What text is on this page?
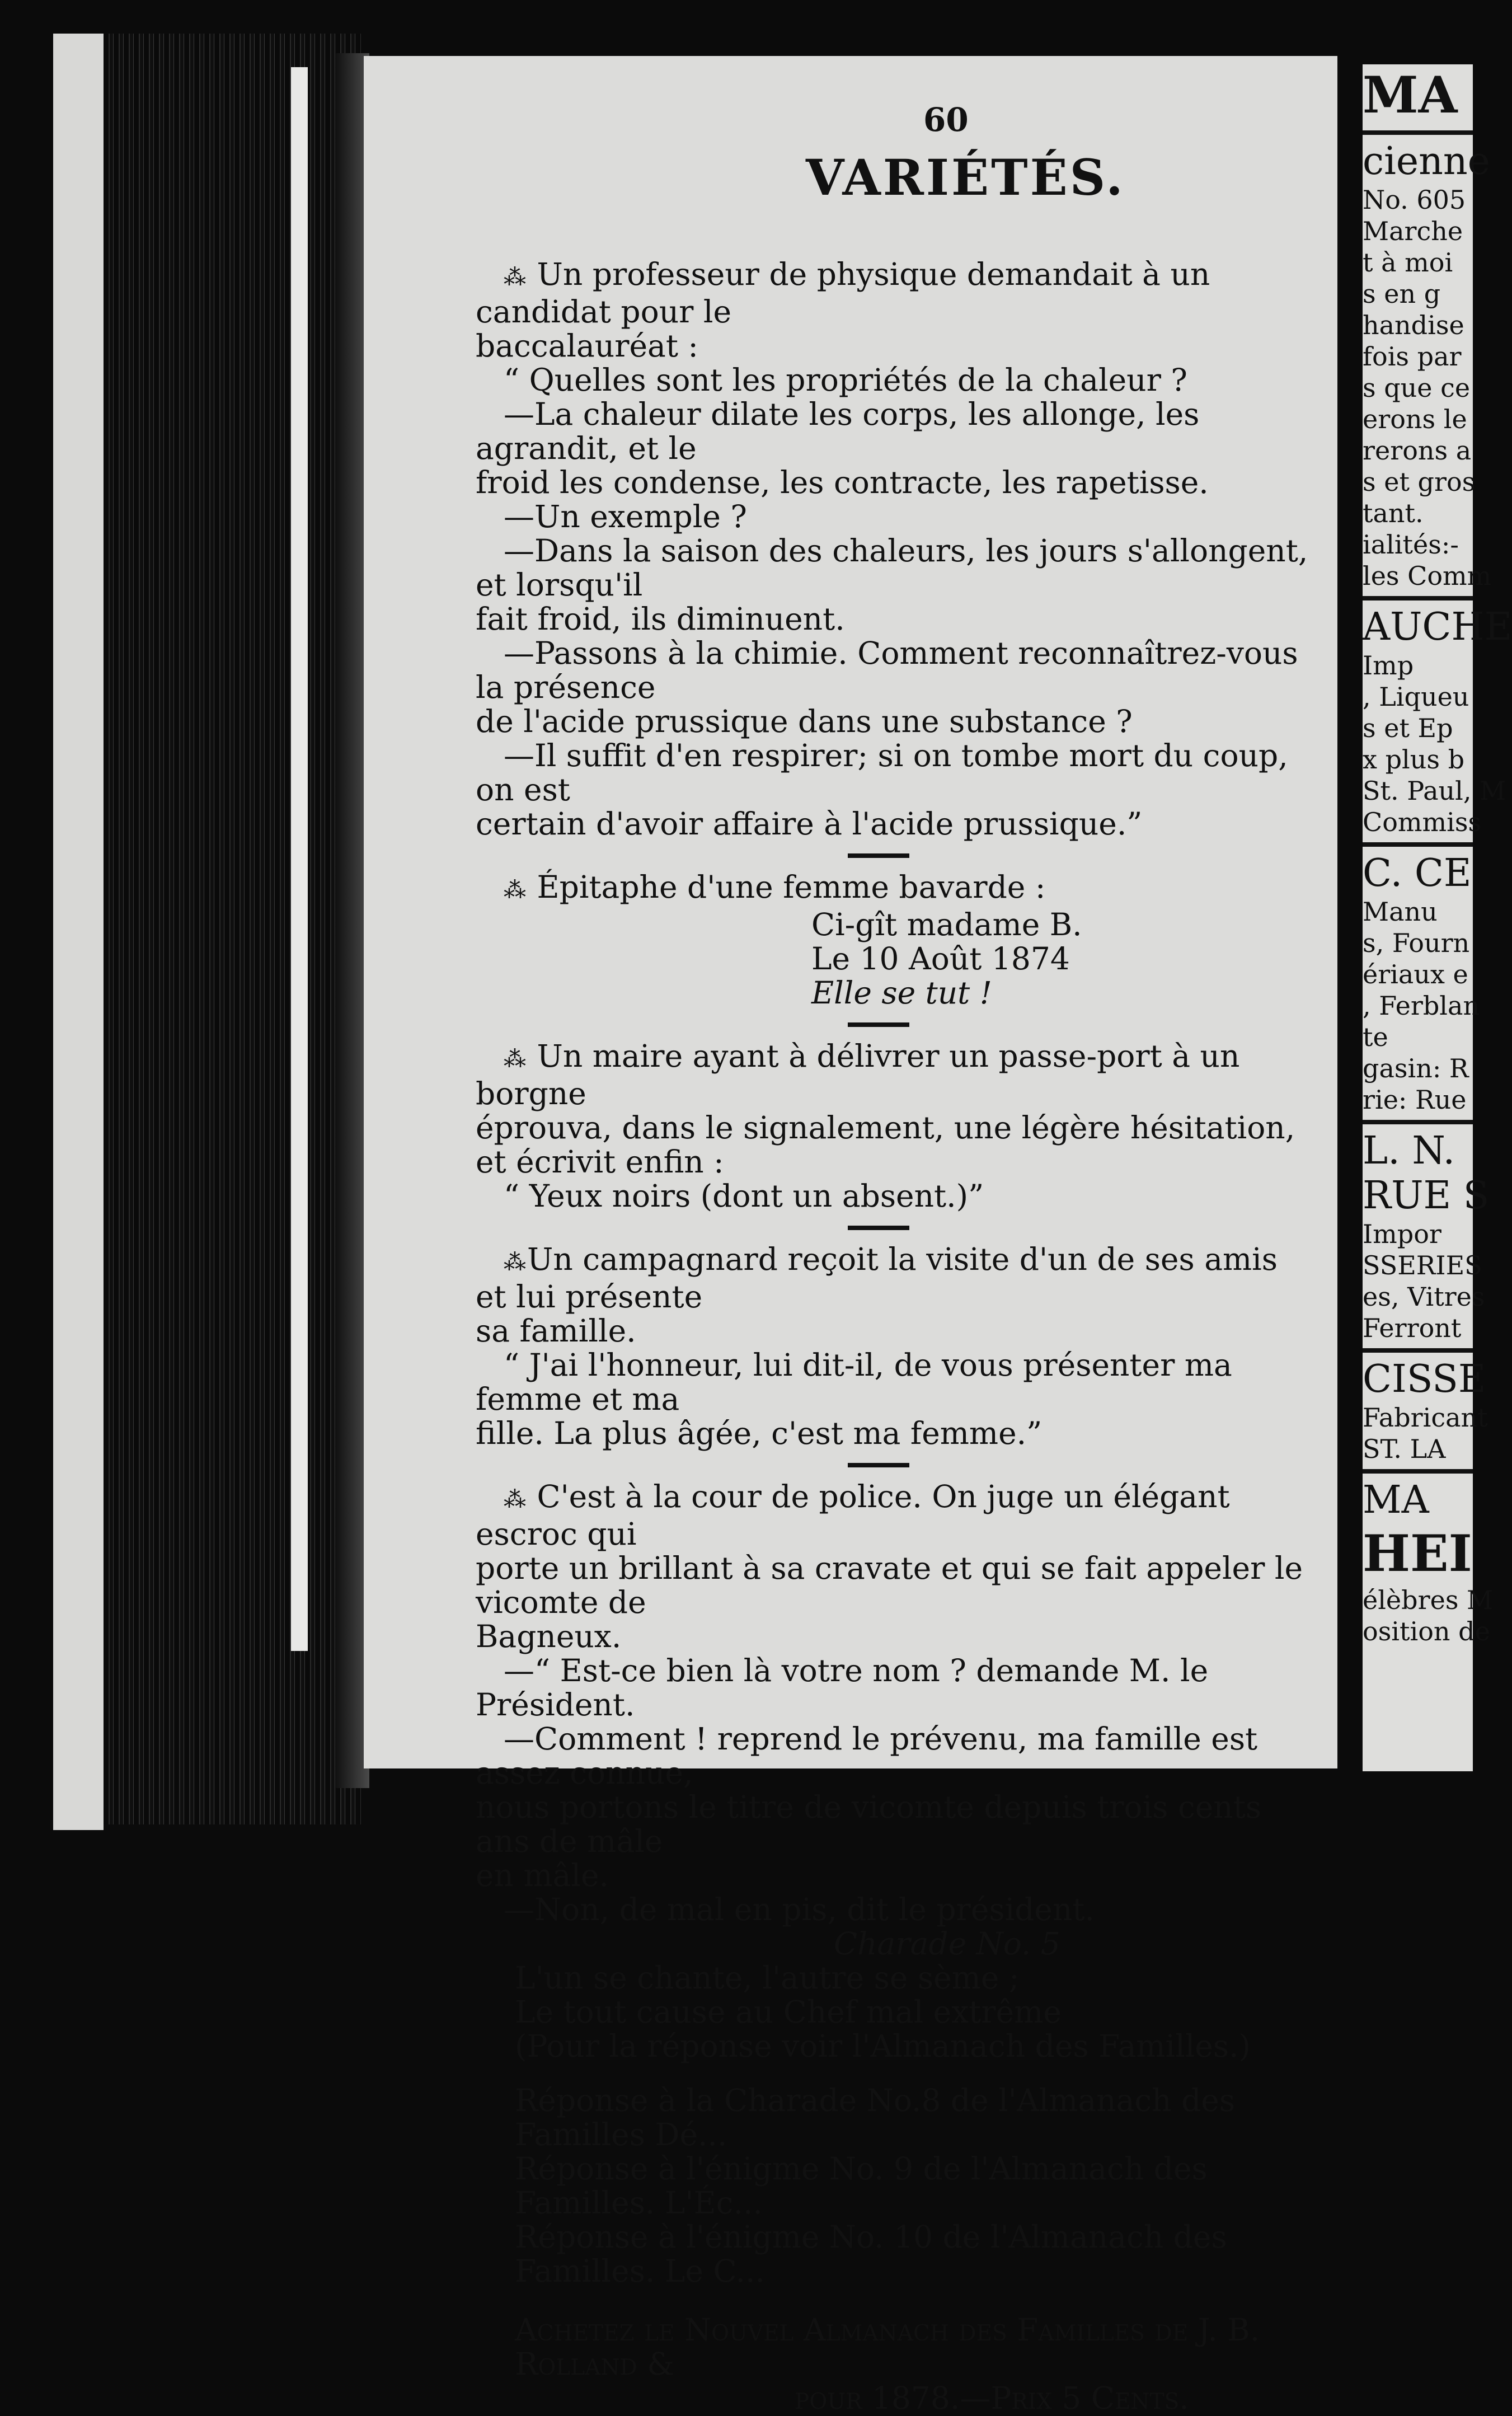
60
VARIÉTÉS.

⁂ Un professeur de physique demandait à un candidat pour le

baccalauréat :

“ Quelles sont les propriétés de la chaleur ?

—La chaleur dilate les corps, les allonge, les agrandit, et le

froid les condense, les contracte, les rapetisse.

—Un exemple ?

—Dans la saison des chaleurs, les jours s'allongent, et lorsqu'il

fait froid, ils diminuent.

—Passons à la chimie. Comment reconnaîtrez-vous la présence

de l'acide prussique dans une substance ?

—Il suffit d'en respirer; si on tombe mort du coup, on est

certain d'avoir affaire à l'acide prussique.”

⁂ Épitaphe d'une femme bavarde :

Ci-gît madame B.

Le 10 Août 1874

Elle se tut !

⁂ Un maire ayant à délivrer un passe-port à un borgne

éprouva, dans le signalement, une légère hésitation, et écrivit enfin :

“ Yeux noirs (dont un absent.)”

⁂Un campagnard reçoit la visite d'un de ses amis et lui présente

sa famille.

“ J'ai l'honneur, lui dit-il, de vous présenter ma femme et ma

fille. La plus âgée, c'est ma femme.”

⁂ C'est à la cour de police. On juge un élégant escroc qui

porte un brillant à sa cravate et qui se fait appeler le vicomte de

Bagneux.

—“ Est-ce bien là votre nom ? demande M. le Président.

—Comment ! reprend le prévenu, ma famille est assez connue,

nous portons le titre de vicomte depuis trois cents ans de mâle

en mâle.

—Non, de mal en pis, dit le président.

Charade No. 5

L'un se chante, l'autre se sème ;

Le tout cause au Chef mal extrême

(Pour la réponse voir l'Almanach des Familles.)

Réponse à la Charade No.8 de l'Almanach des Familles Dé...

Réponse à l'énigme No. 9 de l'Almanach des Familles. L'Éc...

Réponse à l'énigme No. 10 de l'Almanach des Familles. Le C...

Achetez le Nouvel Almanach des Familles de J. B. Rolland &

pour 1878.—Prix 5 Cents.

MA
cienne
No. 605
Marche
t à moi
s en g
handise
fois par
s que ce
erons le
rerons a
s et gros
tant.
ialités:-
les Comm
AUCHE
Imp
, Liqueu
s et Ep
x plus b
St. Paul, M
Commiss
C. CE
Manu
s, Fourn
ériaux e
, Ferblan
te
gasin: R
rie: Rue
L. N.
RUE S
Impor
SSERIES
es, Vitres
Ferront
CISSE
Fabricant
ST. LA
MA
HEI
élèbres M
osition de
